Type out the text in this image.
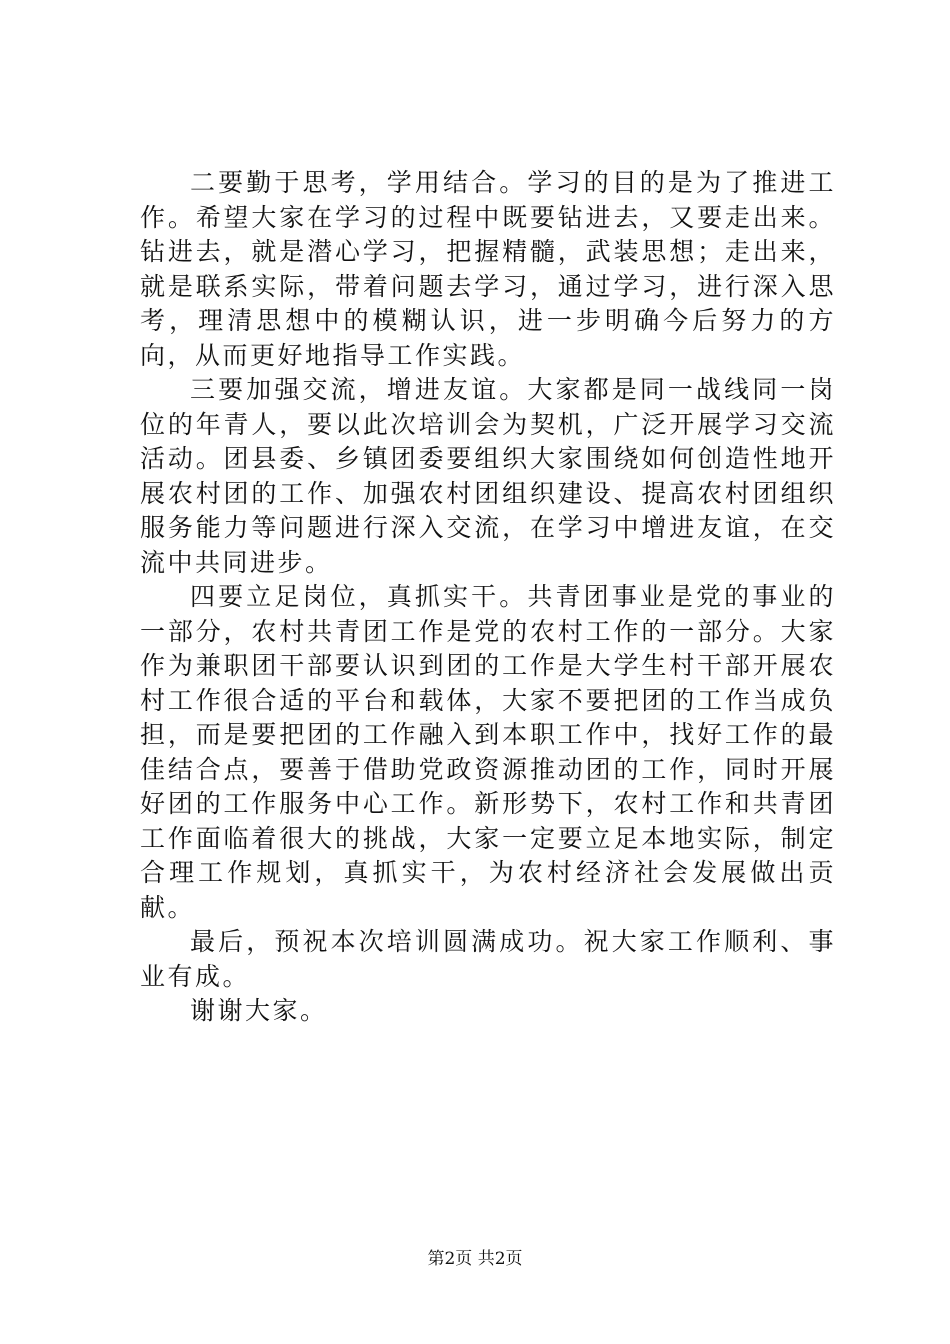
二要勤于思考，学用结合。学习的目的是为了推进工作。希望大家在学习的过程中既要钻进去，又要走出来。钻进去，就是潜心学习，把握精髓，武装思想；走出来，就是联系实际，带着问题去学习，通过学习，进行深入思考，理清思想中的模糊认识，进一步明确今后努力的方向，从而更好地指导工作实践。

三要加强交流，增进友谊。大家都是同一战线同一岗位的年青人，要以此次培训会为契机，广泛开展学习交流活动。团县委、乡镇团委要组织大家围绕如何创造性地开展农村团的工作、加强农村团组织建设、提高农村团组织服务能力等问题进行深入交流，在学习中增进友谊，在交流中共同进步。

四要立足岗位，真抓实干。共青团事业是党的事业的一部分，农村共青团工作是党的农村工作的一部分。大家作为兼职团干部要认识到团的工作是大学生村干部开展农村工作很合适的平台和载体，大家不要把团的工作当成负担，而是要把团的工作融入到本职工作中，找好工作的最佳结合点，要善于借助党政资源推动团的工作，同时开展好团的工作服务中心工作。新形势下，农村工作和共青团工作面临着很大的挑战，大家一定要立足本地实际，制定合理工作规划，真抓实干，为农村经济社会发展做出贡献。

最后，预祝本次培训圆满成功。祝大家工作顺利、事业有成。

谢谢大家。

第2页 共2页
